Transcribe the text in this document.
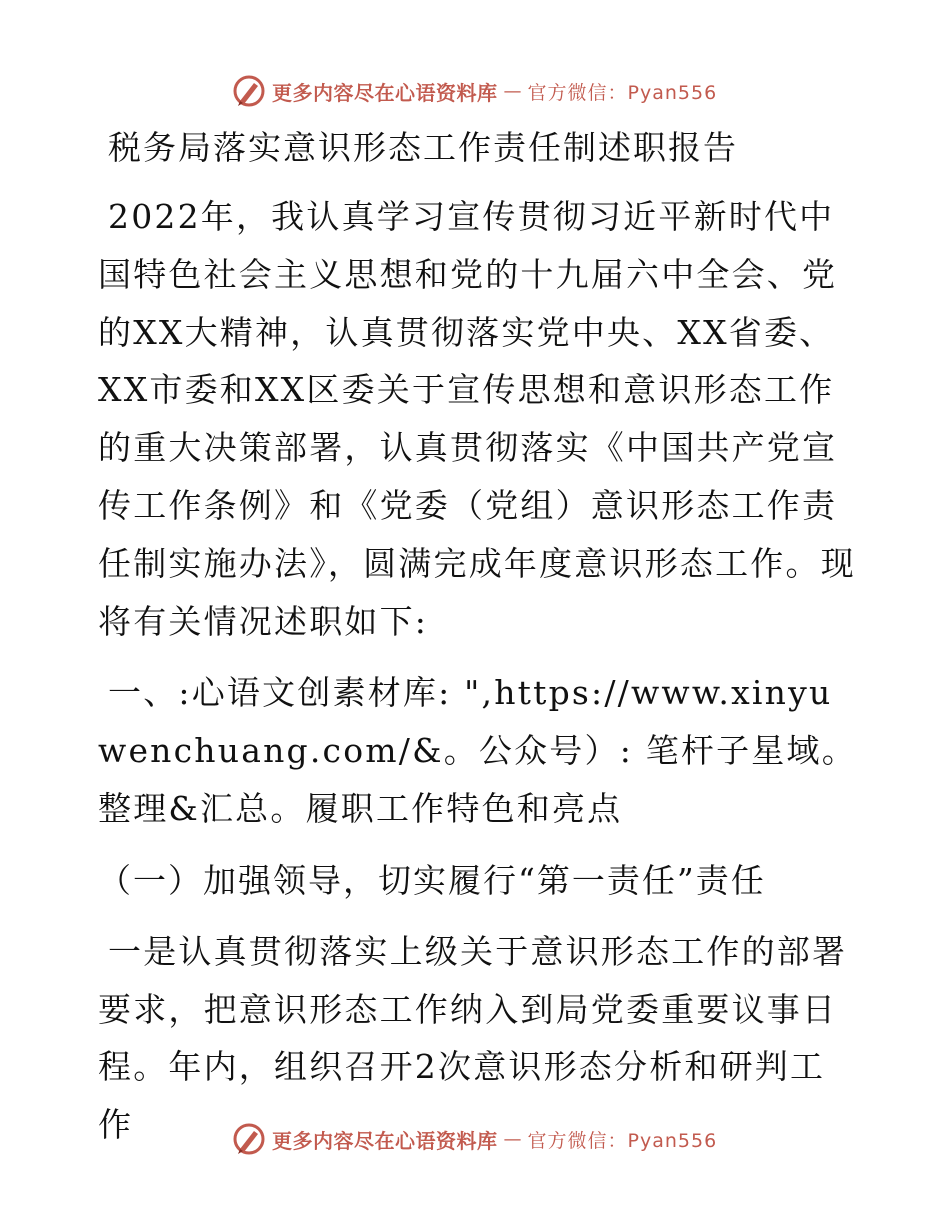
更多内容尽在心语资料库 — 官方微信：Pyan556
税务局落实意识形态工作责任制述职报告

2022年，我认真学习宣传贯彻习近平新时代中国特色社会主义思想和党的十九届六中全会、党的XX大精神，认真贯彻落实党中央、XX省委、XX市委和XX区委关于宣传思想和意识形态工作的重大决策部署，认真贯彻落实《中国共产党宣传工作条例》和《党委（党组）意识形态工作责任制实施办法》，圆满完成年度意识形态工作。现将有关情况述职如下:

一、:心语文创素材库: ",https://www.xinyuwenchuang.com/&。公众号）: 笔杆子星域。整理&汇总。履职工作特色和亮点

（一）加强领导，切实履行“第一责任”责任

一是认真贯彻落实上级关于意识形态工作的部署要求，把意识形态工作纳入到局党委重要议事日程。年内，组织召开2次意识形态分析和研判工作	更多内容尽在心语资料库 — 官方微信：Pyan556
